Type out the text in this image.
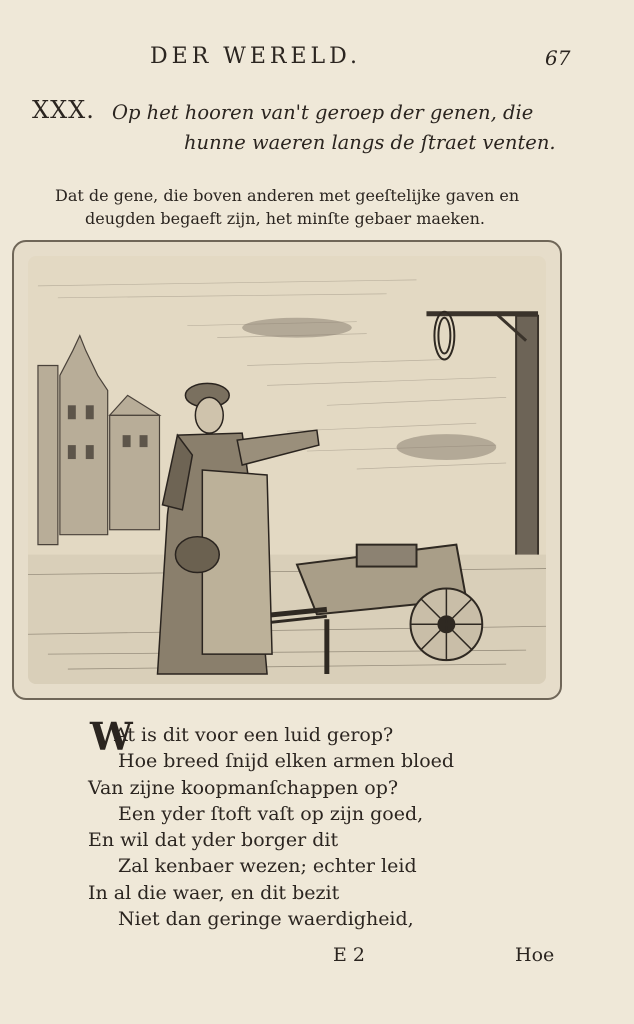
DER WERELD.	67
XXX. Op het hooren van't geroep der genen, die
hunne waeren langs de ſtraet venten.
Dat de gene, die boven anderen met geeſtelijke gaven en
deugden begaeft zijn, het minſte gebaer maeken.
W
At is dit voor een luid gerop?
Hoe breed ſnijd elken armen bloed
Van zijne koopmanſchappen op?
Een yder ſtoft vaſt op zijn goed,
En wil dat yder borger dit
Zal kenbaer wezen; echter leid
In al die waer, en dit bezit
Niet dan geringe waerdigheid,
E 2	Hoe
